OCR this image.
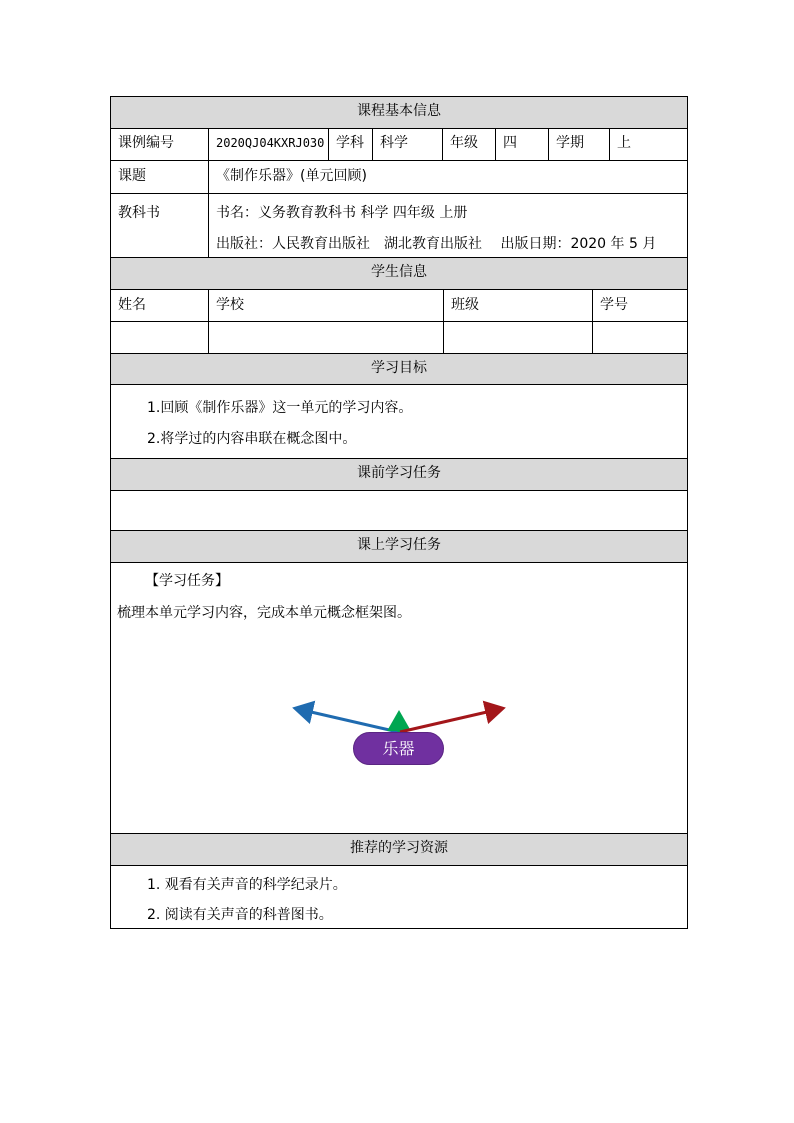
课程基本信息
学生信息
学习目标
课前学习任务
课上学习任务
推荐的学习资源
课例编号	2020QJ04KXRJ030 学科	科学	年级	四	学期	上
课题	《制作乐器》(单元回顾)
教科书	书名：义务教育教科书 科学 四年级 上册
出版社：人民教育出版社　湖北教育出版社　 出版日期：2020 年 5 月
姓名	学校	班级	学号
1.回顾《制作乐器》这一单元的学习内容。
2.将学过的内容串联在概念图中。
【学习任务】
梳理本单元学习内容，完成本单元概念框架图。
乐器
1. 观看有关声音的科学纪录片。
2. 阅读有关声音的科普图书。
